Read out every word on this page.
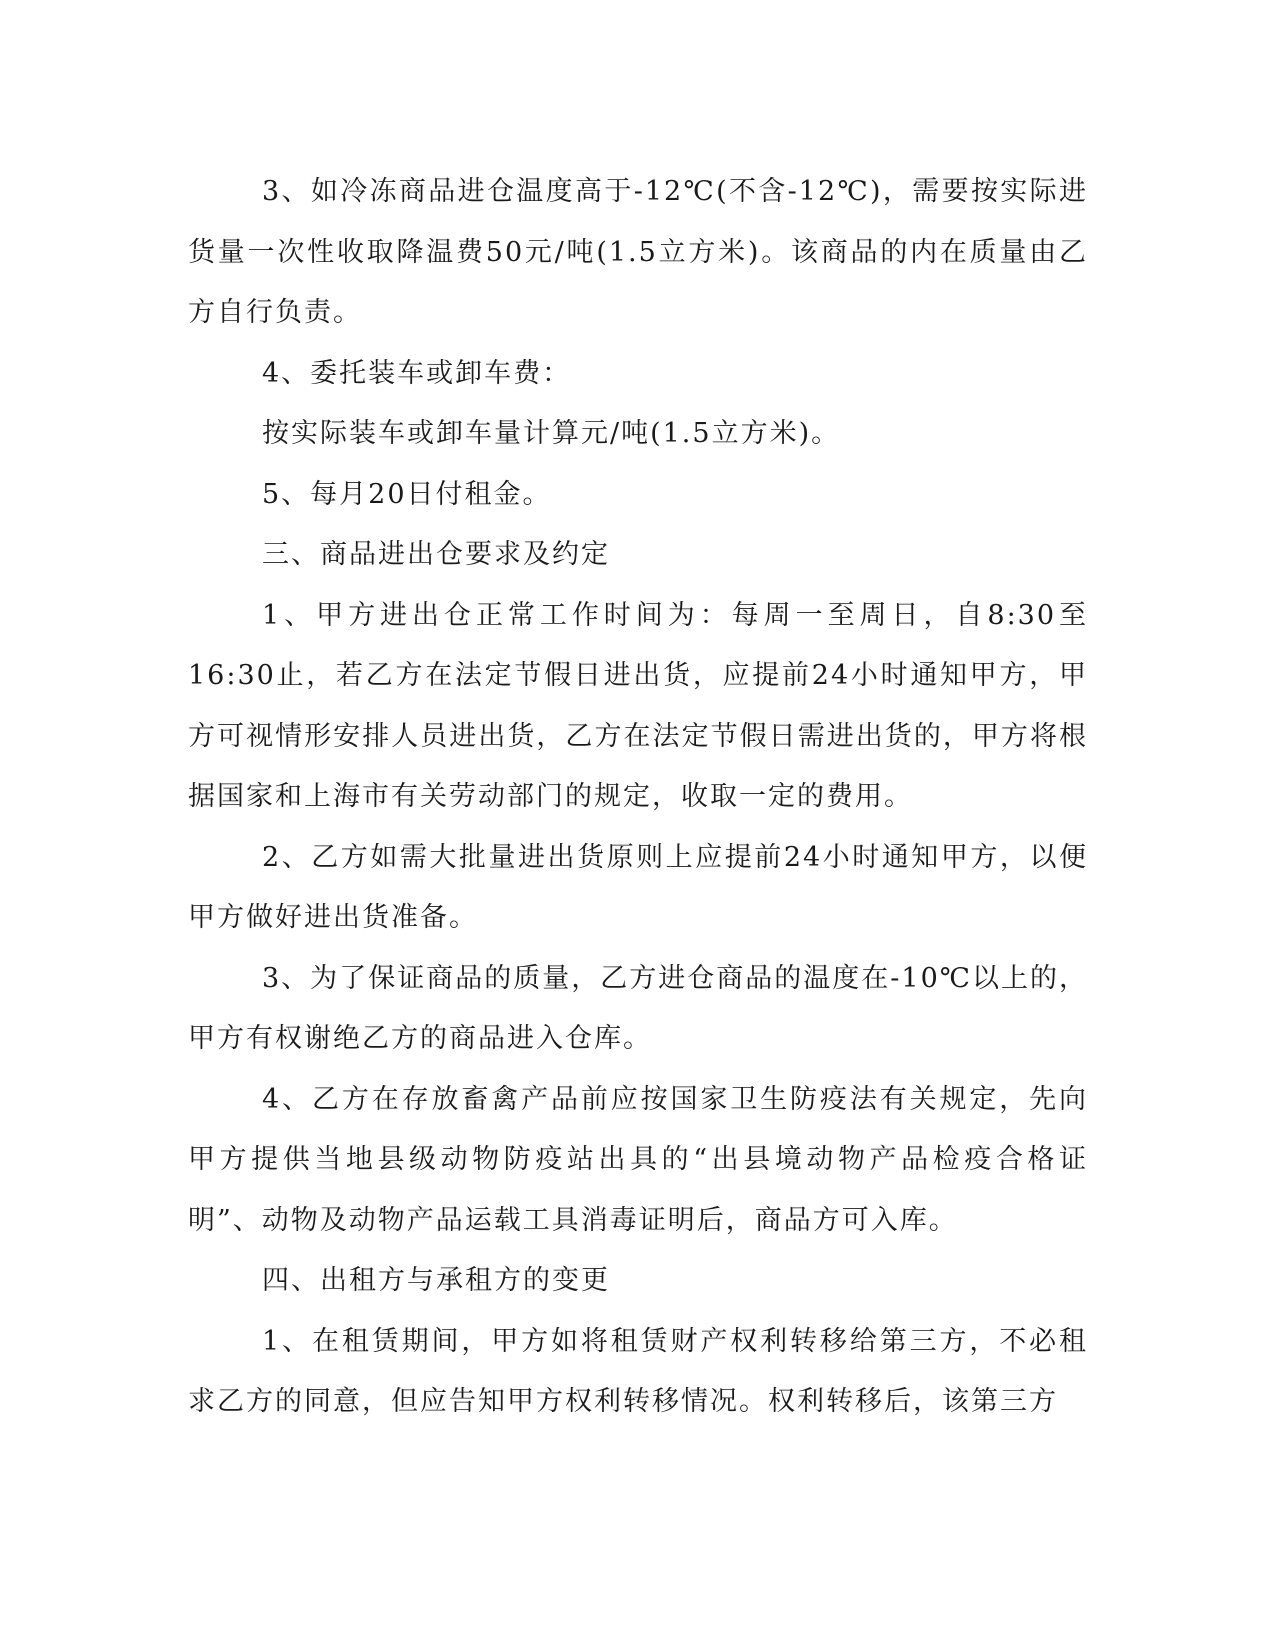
3、如冷冻商品进仓温度高于-12℃(不含-12℃)，需要按实际进货量一次性收取降温费50元/吨(1.5立方米)。该商品的内在质量由乙方自行负责。

4、委托装车或卸车费：

按实际装车或卸车量计算元/吨(1.5立方米)。

5、每月20日付租金。

三、商品进出仓要求及约定

1、甲方进出仓正常工作时间为：每周一至周日，自8:30至16:30止，若乙方在法定节假日进出货，应提前24小时通知甲方，甲方可视情形安排人员进出货，乙方在法定节假日需进出货的，甲方将根据国家和上海市有关劳动部门的规定，收取一定的费用。

2、乙方如需大批量进出货原则上应提前24小时通知甲方，以便甲方做好进出货准备。

3、为了保证商品的质量，乙方进仓商品的温度在-10℃以上的，甲方有权谢绝乙方的商品进入仓库。

4、乙方在存放畜禽产品前应按国家卫生防疫法有关规定，先向甲方提供当地县级动物防疫站出具的“出县境动物产品检疫合格证明”、动物及动物产品运载工具消毒证明后，商品方可入库。

四、出租方与承租方的变更

1、在租赁期间，甲方如将租赁财产权利转移给第三方，不必租求乙方的同意，但应告知甲方权利转移情况。权利转移后，该第三方
